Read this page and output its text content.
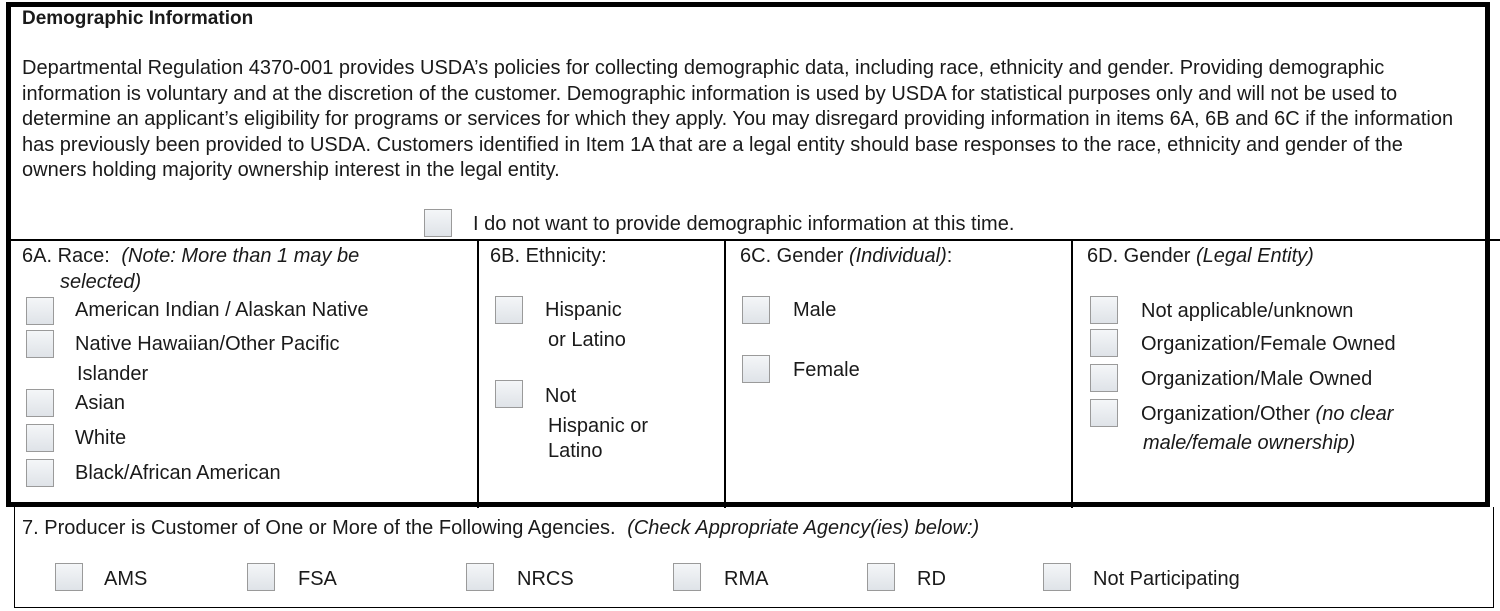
Demographic Information
Departmental Regulation 4370-001 provides USDA’s policies for collecting demographic data, including race, ethnicity and gender. Providing demographic information is voluntary and at the discretion of the customer. Demographic information is used by USDA for statistical purposes only and will not be used to determine an applicant’s eligibility for programs or services for which they apply. You may disregard providing information in items 6A, 6B and 6C if the information has previously been provided to USDA. Customers identified in Item 1A that are a legal entity should base responses to the race, ethnicity and gender of the owners holding majority ownership interest in the legal entity.
I do not want to provide demographic information at this time.
6A. Race: (Note: More than 1 may be
selected)
American Indian / Alaskan Native
Native Hawaiian/Other Pacific
Islander
Asian
White
Black/African American
6B. Ethnicity:
Hispanic
or Latino
Not
Hispanic or
Latino
6C. Gender (Individual):
Male
Female
6D. Gender (Legal Entity)
Not applicable/unknown
Organization/Female Owned
Organization/Male Owned
Organization/Other (no clear
male/female ownership)
7. Producer is Customer of One or More of the Following Agencies. (Check Appropriate Agency(ies) below:)
AMS	FSA	NRCS	RMA	RD	Not Participating
